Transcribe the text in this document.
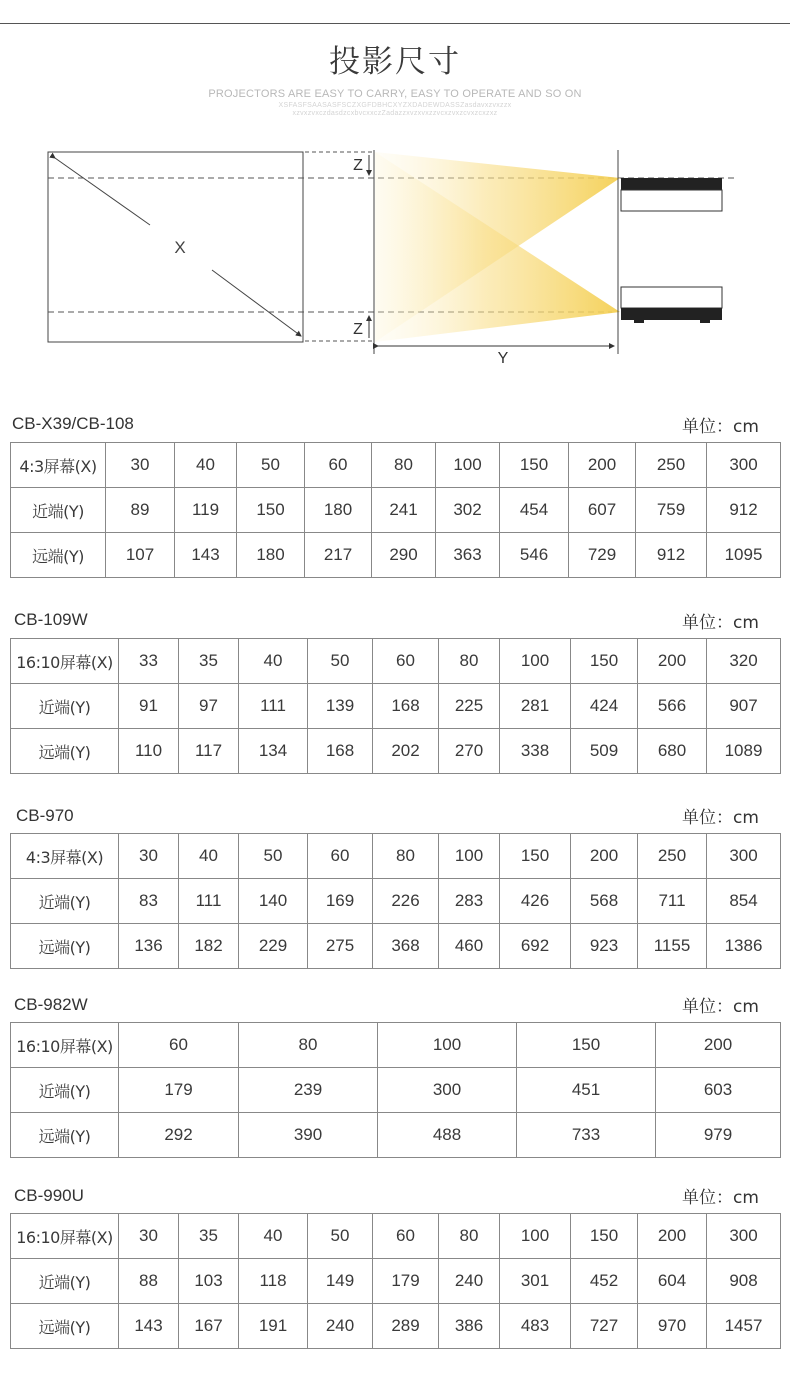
投影尺寸
PROJECTORS ARE EASY TO CARRY, EASY TO OPERATE AND SO ON
XSFASFSAASASFSCZXGFDBHCXYZXDADEWDASSZasdavxzvxzzx
xzvxzvxczdasdzcxbvcxxczZadazzxvzxvxzzvcxzvxzcvxzcxzxz
X
Z
Z
Y
CB-X39/CB-108	单位：cm
4:3屏幕(X)	30	40	50	60	80	100	150	200	250	300
近端(Y)	89	119	150	180	241	302	454	607	759	912
远端(Y)	107	143	180	217	290	363	546	729	912	1095
CB-109W	单位：cm
16:10屏幕(X)	33	35	40	50	60	80	100	150	200	320
近端(Y)	91	97	111	139	168	225	281	424	566	907
远端(Y)	110	117	134	168	202	270	338	509	680	1089
CB-970	单位：cm
4:3屏幕(X)	30	40	50	60	80	100	150	200	250	300
近端(Y)	83	111	140	169	226	283	426	568	711	854
远端(Y)	136	182	229	275	368	460	692	923	1155	1386
CB-982W	单位：cm
16:10屏幕(X)	60	80	100	150	200
近端(Y)	179	239	300	451	603
远端(Y)	292	390	488	733	979
CB-990U	单位：cm
16:10屏幕(X)	30	35	40	50	60	80	100	150	200	300
近端(Y)	88	103	118	149	179	240	301	452	604	908
远端(Y)	143	167	191	240	289	386	483	727	970	1457
